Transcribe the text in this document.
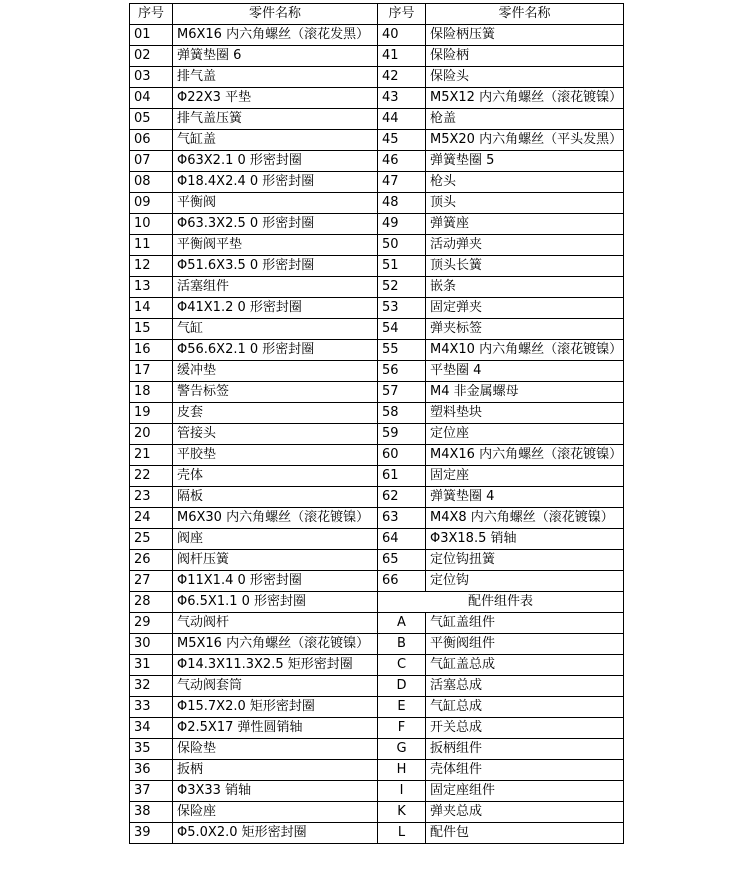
序号	零件名称	序号	零件名称
01	M6X16 内六角螺丝（滚花发黑）	40	保险柄压簧
02	弹簧垫圈 6	41	保险柄
03	排气盖	42	保险头
04	Φ22X3 平垫	43	M5X12 内六角螺丝（滚花镀镍）
05	排气盖压簧	44	枪盖
06	气缸盖	45	M5X20 内六角螺丝（平头发黑）
07	Φ63X2.1 0 形密封圈	46	弹簧垫圈 5
08	Φ18.4X2.4 0 形密封圈	47	枪头
09	平衡阀	48	顶头
10	Φ63.3X2.5 0 形密封圈	49	弹簧座
11	平衡阀平垫	50	活动弹夹
12	Φ51.6X3.5 0 形密封圈	51	顶头长簧
13	活塞组件	52	嵌条
14	Φ41X1.2 0 形密封圈	53	固定弹夹
15	气缸	54	弹夹标签
16	Φ56.6X2.1 0 形密封圈	55	M4X10 内六角螺丝（滚花镀镍）
17	缓冲垫	56	平垫圈 4
18	警告标签	57	M4 非金属螺母
19	皮套	58	塑料垫块
20	管接头	59	定位座
21	平胶垫	60	M4X16 内六角螺丝（滚花镀镍）
22	壳体	61	固定座
23	隔板	62	弹簧垫圈 4
24	M6X30 内六角螺丝（滚花镀镍）	63	M4X8 内六角螺丝（滚花镀镍）
25	阀座	64	Φ3X18.5 销轴
26	阀杆压簧	65	定位钩扭簧
27	Φ11X1.4 0 形密封圈	66	定位钩
28	Φ6.5X1.1 0 形密封圈	配件组件表	
29	气动阀杆	A	气缸盖组件
30	M5X16 内六角螺丝（滚花镀镍）	B	平衡阀组件
31	Φ14.3X11.3X2.5 矩形密封圈	C	气缸盖总成
32	气动阀套筒	D	活塞总成
33	Φ15.7X2.0 矩形密封圈	E	气缸总成
34	Φ2.5X17 弹性圆销轴	F	开关总成
35	保险垫	G	扳柄组件
36	扳柄	H	壳体组件
37	Φ3X33 销轴	I	固定座组件
38	保险座	K	弹夹总成
39	Φ5.0X2.0 矩形密封圈	L	配件包
